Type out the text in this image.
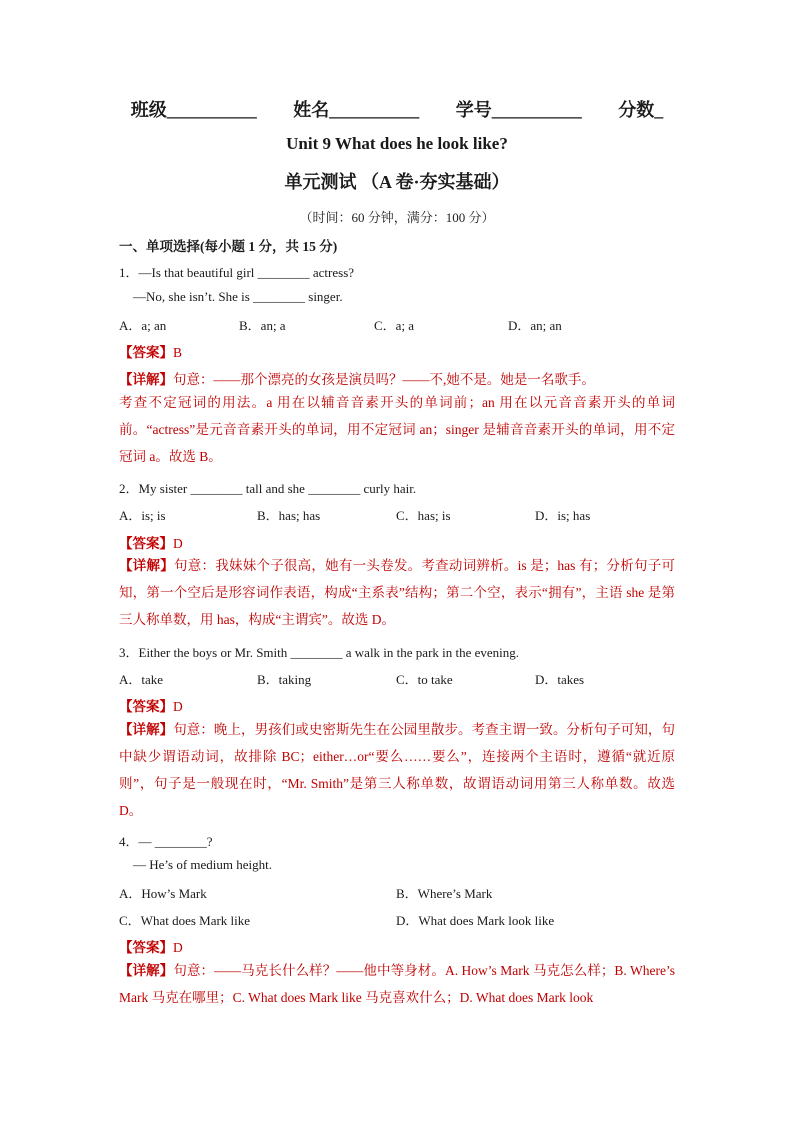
班级__________ 姓名__________ 学号__________ 分数_
Unit 9 What does he look like?
单元测试 （A 卷·夯实基础）
（时间：60 分钟，满分：100 分）
一、单项选择(每小题 1 分，共 15 分)
1．—Is that beautiful girl ________ actress?
—No, she isn’t. She is ________ singer.
A．a; an	B．an; a	C．a; a	D．an; an
【答案】B
【详解】句意：——那个漂亮的女孩是演员吗？——不,她不是。她是一名歌手。
考查不定冠词的用法。a 用在以辅音音素开头的单词前；an 用在以元音音素开头的单词前。“actress”是元音音素开头的单词，用不定冠词 an；singer 是辅音音素开头的单词，用不定冠词 a。故选 B。
2．My sister ________ tall and she ________ curly hair.
A．is; is	B．has; has	C．has; is	D．is; has
【答案】D
【详解】句意：我妹妹个子很高，她有一头卷发。考查动词辨析。is 是；has 有；分析句子可知，第一个空后是形容词作表语，构成“主系表”结构；第二个空，表示“拥有”，主语 she 是第三人称单数，用 has，构成“主谓宾”。故选 D。
3．Either the boys or Mr. Smith ________ a walk in the park in the evening.
A．take	B．taking	C．to take	D．takes
【答案】D
【详解】句意：晚上，男孩们或史密斯先生在公园里散步。考查主谓一致。分析句子可知，句中缺少谓语动词，故排除 BC；either…or“要么……要么”，连接两个主语时，遵循“就近原则”，句子是一般现在时，“Mr. Smith”是第三人称单数，故谓语动词用第三人称单数。故选 D。
4．— ________?
— He’s of medium height.
A．How’s Mark	B．Where’s Mark
C．What does Mark like	D．What does Mark look like
【答案】D
【详解】句意：——马克长什么样？——他中等身材。A. How’s Mark 马克怎么样；B. Where’s Mark 马克在哪里；C. What does Mark like 马克喜欢什么；D. What does Mark look
